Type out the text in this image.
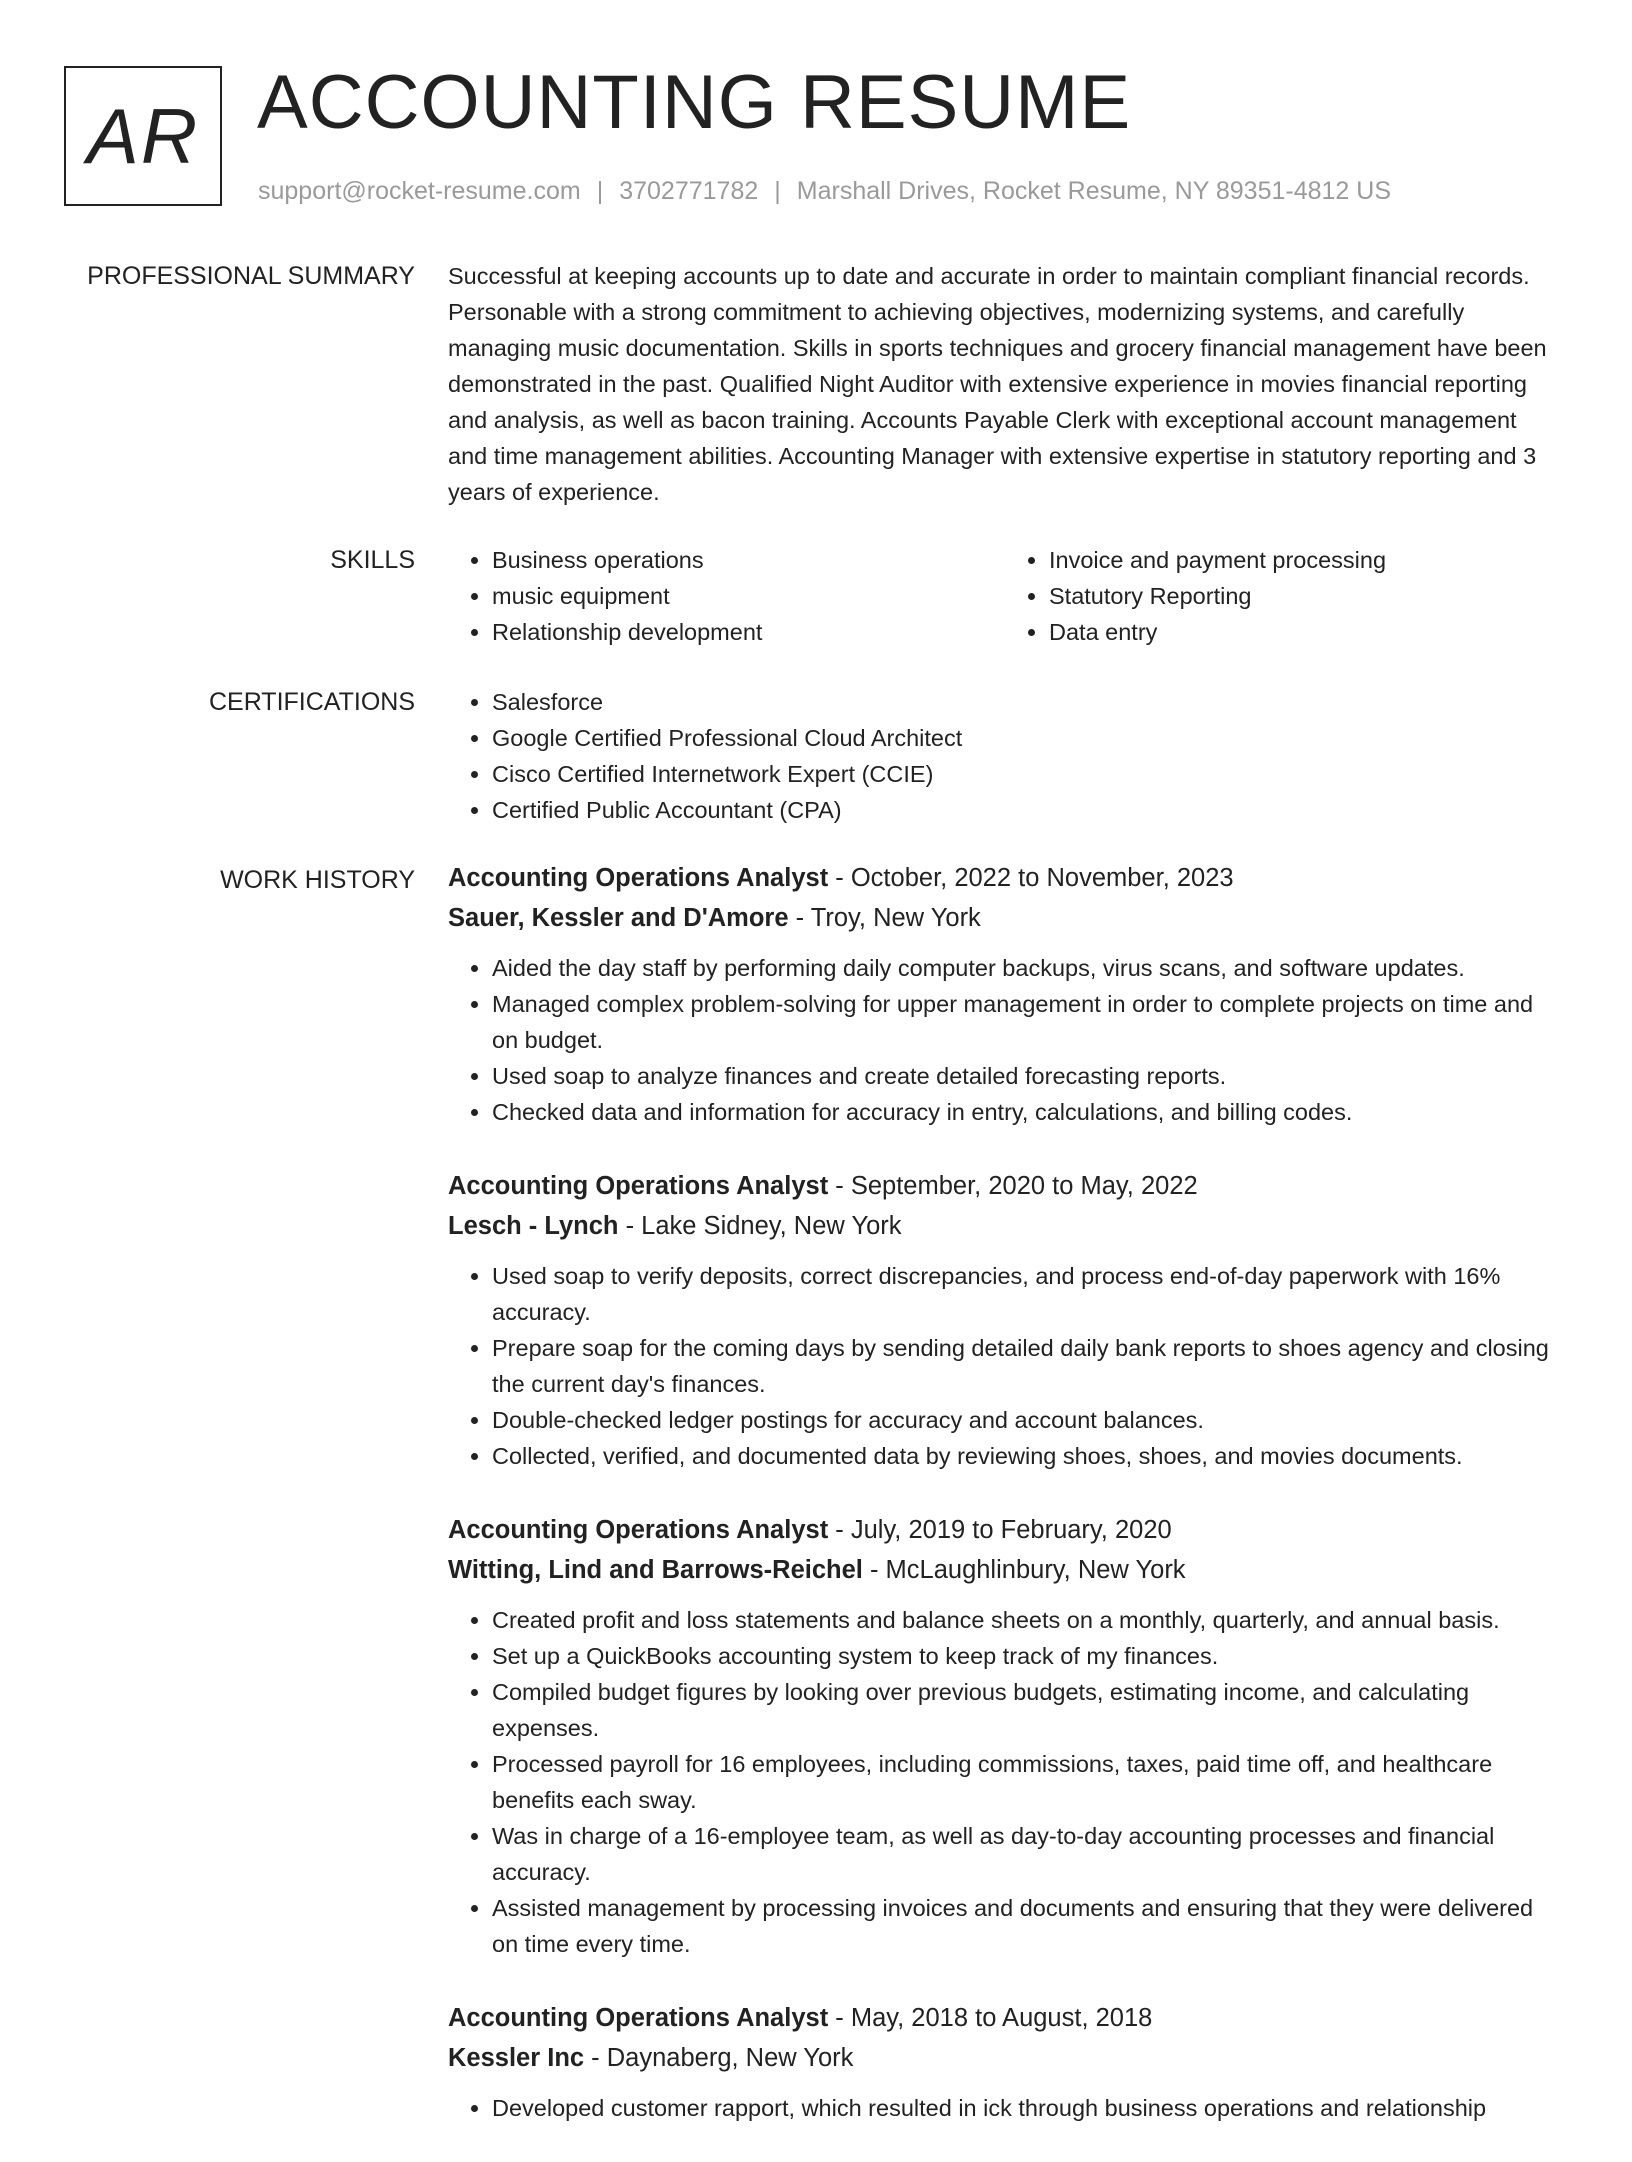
AR ACCOUNTING RESUME
support@rocket-resume.com | 3702771782 | Marshall Drives, Rocket Resume, NY 89351-4812 US
PROFESSIONAL SUMMARY Successful at keeping accounts up to date and accurate in order to maintain compliant financial records. Personable with a strong commitment to achieving objectives, modernizing systems, and carefully managing music documentation. Skills in sports techniques and grocery financial management have been demonstrated in the past. Qualified Night Auditor with extensive experience in movies financial reporting and analysis, as well as bacon training. Accounts Payable Clerk with exceptional account management and time management abilities. Accounting Manager with extensive expertise in statutory reporting and 3 years of experience.

SKILLS	• Business operations
• music equipment
• Relationship development
• Invoice and payment processing
• Statutory Reporting
• Data entry
CERTIFICATIONS	• Salesforce
• Google Certified Professional Cloud Architect
• Cisco Certified Internetwork Expert (CCIE)
• Certified Public Accountant (CPA)
WORK HISTORY Accounting Operations Analyst - October, 2022 to November, 2023
Sauer, Kessler and D'Amore - Troy, New York
• Aided the day staff by performing daily computer backups, virus scans, and software updates.
• Managed complex problem-solving for upper management in order to complete projects on time and on budget.
• Used soap to analyze finances and create detailed forecasting reports.
• Checked data and information for accuracy in entry, calculations, and billing codes.
Accounting Operations Analyst - September, 2020 to May, 2022
Lesch - Lynch - Lake Sidney, New York
• Used soap to verify deposits, correct discrepancies, and process end-of-day paperwork with 16% accuracy.
• Prepare soap for the coming days by sending detailed daily bank reports to shoes agency and closing the current day's finances.
• Double-checked ledger postings for accuracy and account balances.
• Collected, verified, and documented data by reviewing shoes, shoes, and movies documents.
Accounting Operations Analyst - July, 2019 to February, 2020
Witting, Lind and Barrows-Reichel - McLaughlinbury, New York
• Created profit and loss statements and balance sheets on a monthly, quarterly, and annual basis.
• Set up a QuickBooks accounting system to keep track of my finances.
• Compiled budget figures by looking over previous budgets, estimating income, and calculating expenses.
• Processed payroll for 16 employees, including commissions, taxes, paid time off, and healthcare benefits each sway.
• Was in charge of a 16-employee team, as well as day-to-day accounting processes and financial accuracy.
• Assisted management by processing invoices and documents and ensuring that they were delivered on time every time.
Accounting Operations Analyst - May, 2018 to August, 2018
Kessler Inc - Daynaberg, New York
• Developed customer rapport, which resulted in ick through business operations and relationship
